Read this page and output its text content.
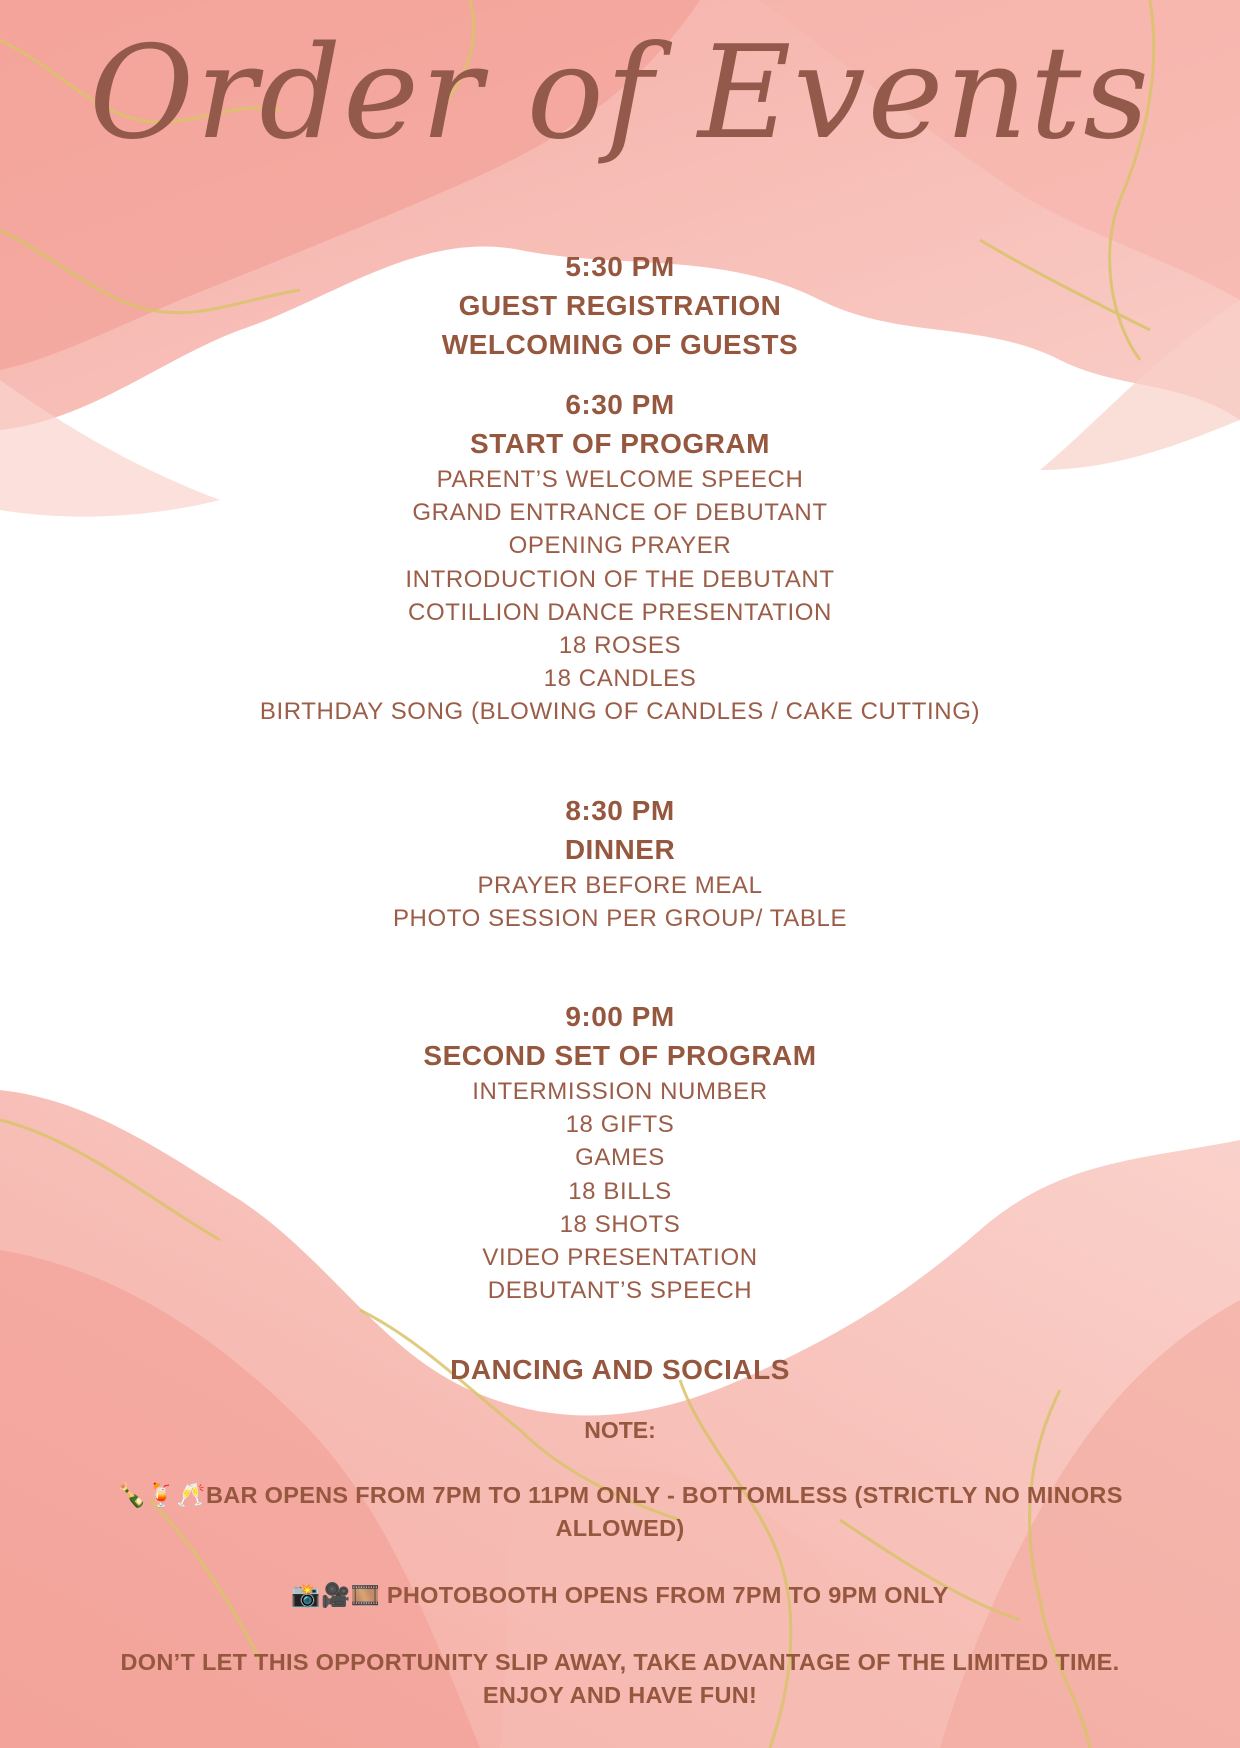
Order of Events
5:30 PM
GUEST REGISTRATION
WELCOMING OF GUESTS
6:30 PM
START OF PROGRAM
PARENT’S WELCOME SPEECH
GRAND ENTRANCE OF DEBUTANT
OPENING PRAYER
INTRODUCTION OF THE DEBUTANT
COTILLION DANCE PRESENTATION
18 ROSES
18 CANDLES
BIRTHDAY SONG (BLOWING OF CANDLES / CAKE CUTTING)
8:30 PM
DINNER
PRAYER BEFORE MEAL
PHOTO SESSION PER GROUP/ TABLE
9:00 PM
SECOND SET OF PROGRAM
INTERMISSION NUMBER
18 GIFTS
GAMES
18 BILLS
18 SHOTS
VIDEO PRESENTATION
DEBUTANT’S SPEECH
DANCING AND SOCIALS
NOTE:
🍾🍹🥂BAR OPENS FROM 7PM TO 11PM ONLY - BOTTOMLESS (STRICTLY NO MINORS ALLOWED)
📸🎥🎞️ PHOTOBOOTH OPENS FROM 7PM TO 9PM ONLY
DON’T LET THIS OPPORTUNITY SLIP AWAY, TAKE ADVANTAGE OF THE LIMITED TIME. ENJOY AND HAVE FUN!
